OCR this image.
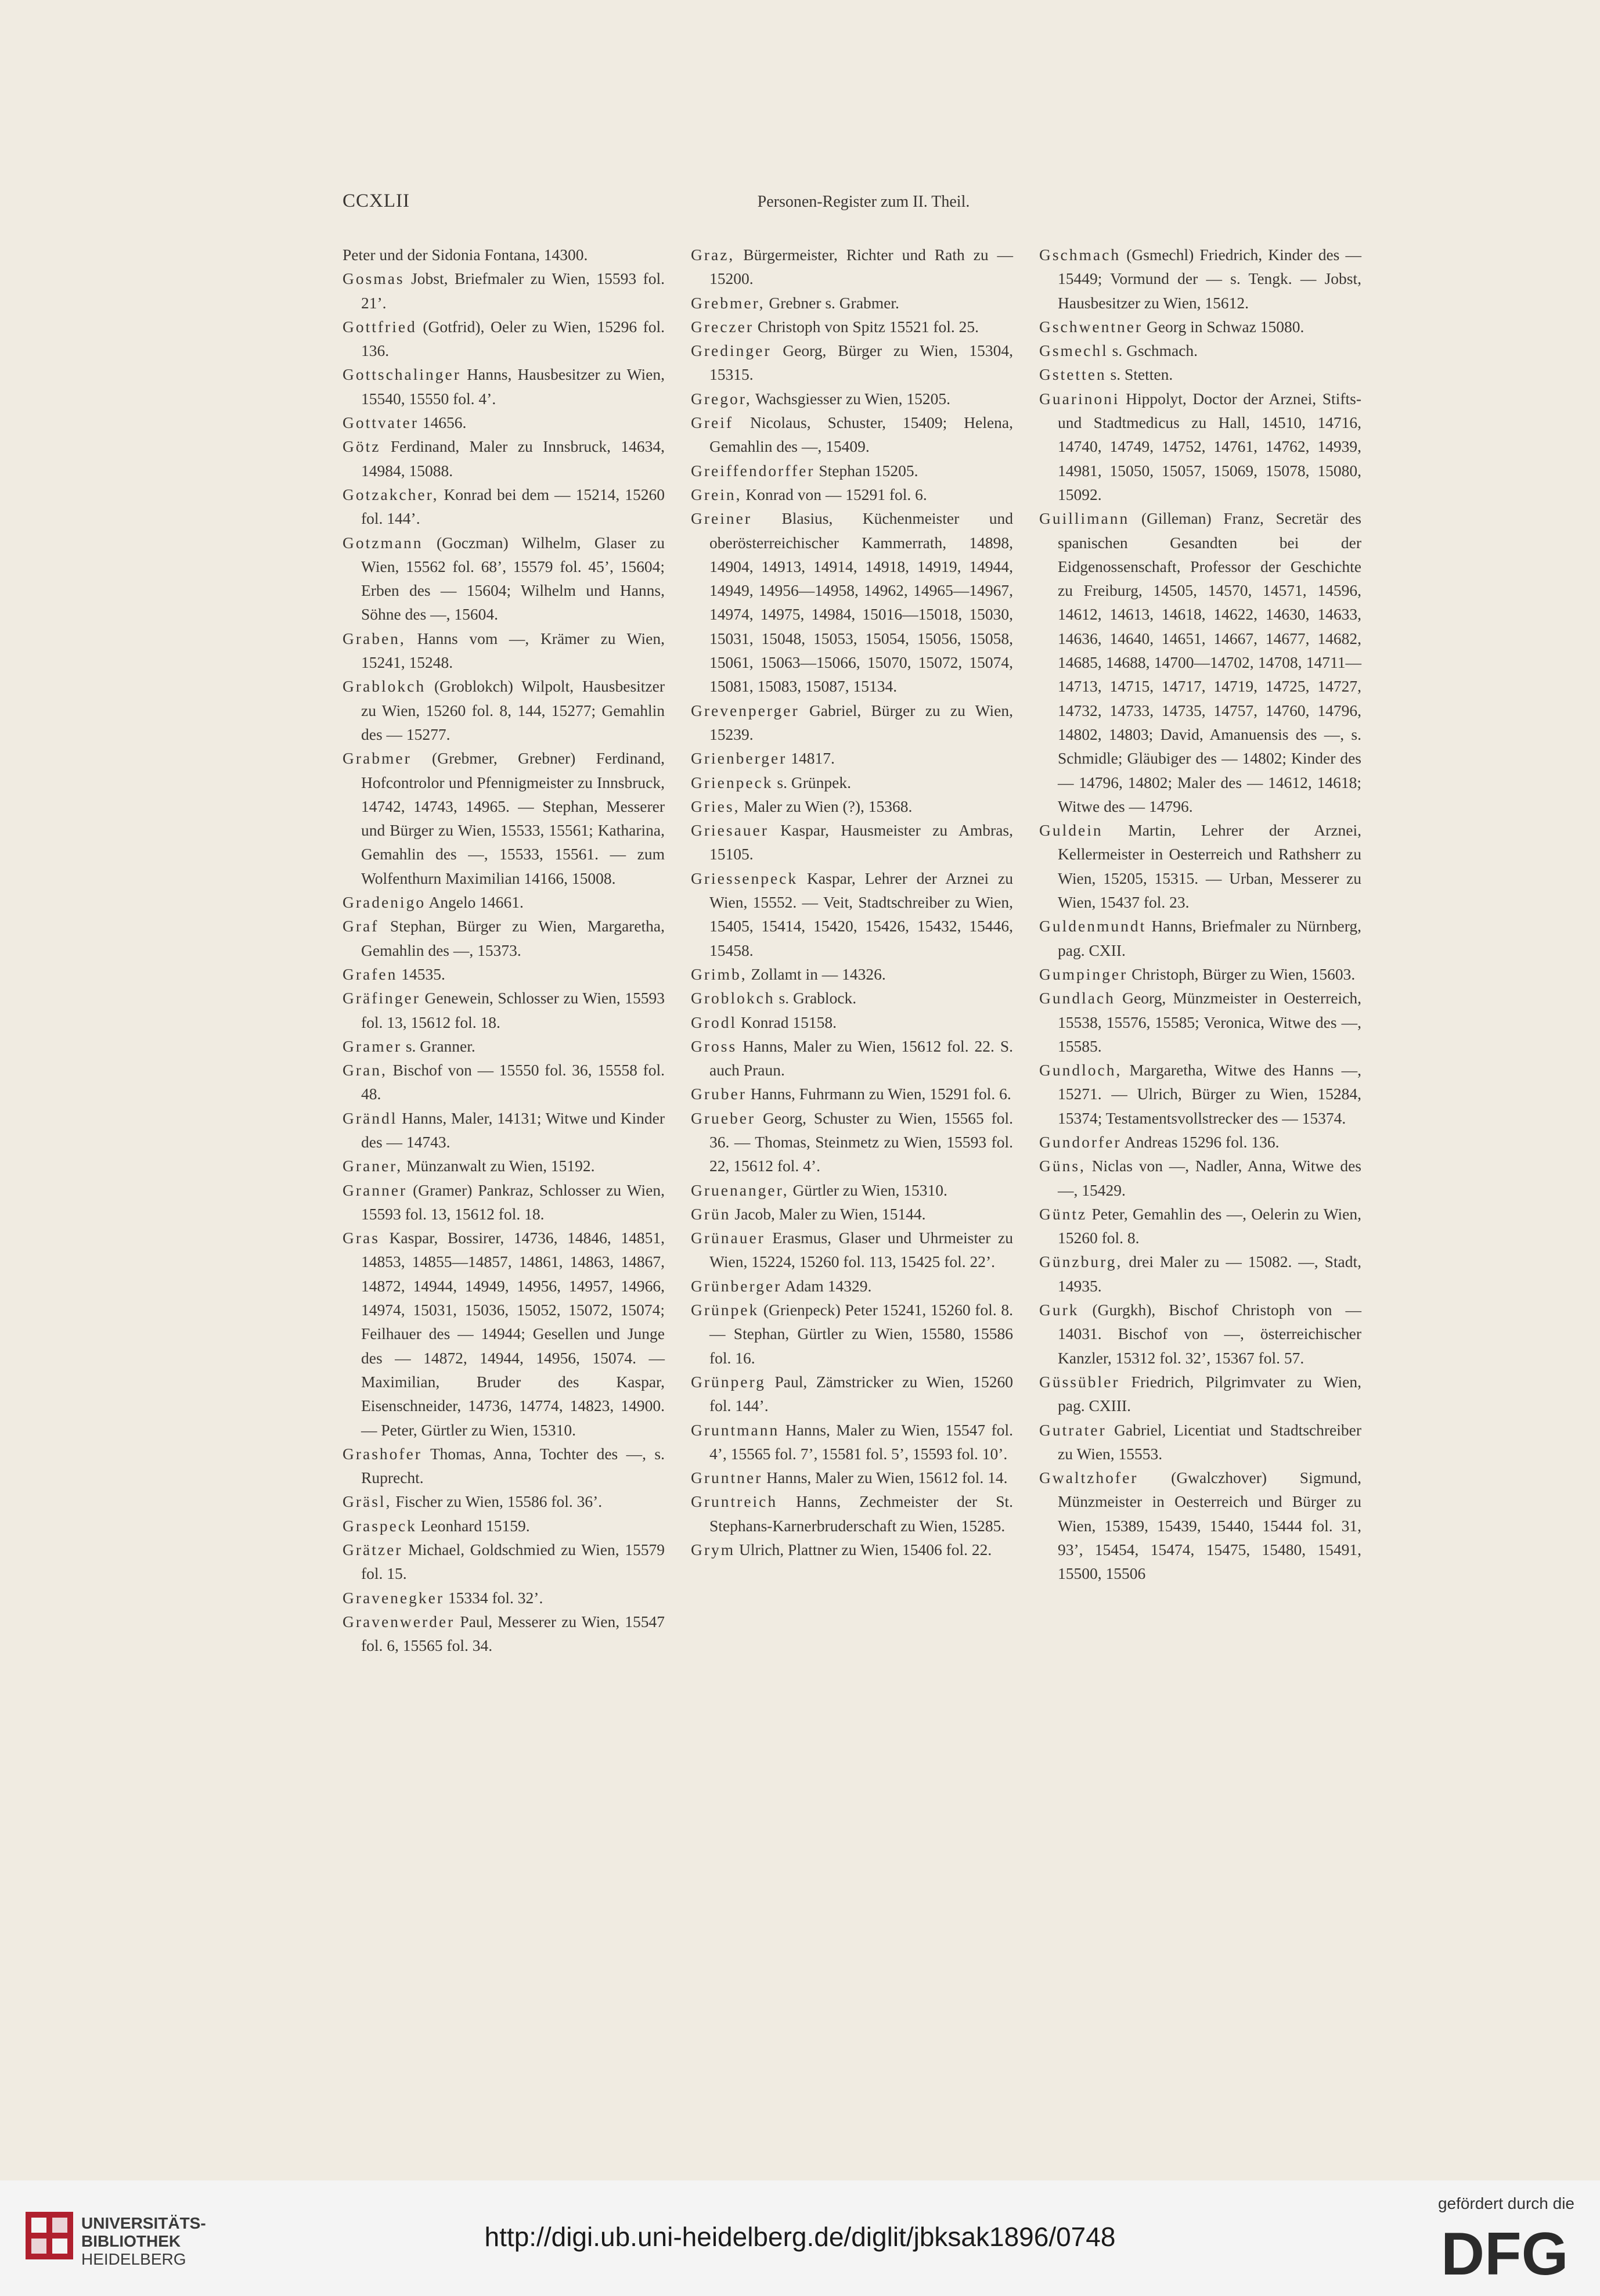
CCXLII	Personen-Register zum II. Theil.

Peter und der Sidonia Fontana, 14300.

Gosmas Jobst, Briefmaler zu Wien, 15593 fol. 21’.

Gottfried (Gotfrid), Oeler zu Wien, 15296 fol. 136.

Gottschalinger Hanns, Hausbesitzer zu Wien, 15540, 15550 fol. 4’.

Gottvater 14656.

Götz Ferdinand, Maler zu Innsbruck, 14634, 14984, 15088.

Gotzakcher, Konrad bei dem — 15214, 15260 fol. 144’.

Gotzmann (Goczman) Wilhelm, Glaser zu Wien, 15562 fol. 68’, 15579 fol. 45’, 15604; Erben des — 15604; Wilhelm und Hanns, Söhne des —, 15604.

Graben, Hanns vom —, Krämer zu Wien, 15241, 15248.

Grablokch (Groblokch) Wilpolt, Hausbesitzer zu Wien, 15260 fol. 8, 144, 15277; Gemahlin des — 15277.

Grabmer (Grebmer, Grebner) Ferdinand, Hofcontrolor und Pfennigmeister zu Innsbruck, 14742, 14743, 14965. — Stephan, Messerer und Bürger zu Wien, 15533, 15561; Katharina, Gemahlin des —, 15533, 15561. — zum Wolfenthurn Maximilian 14166, 15008.

Gradenigo Angelo 14661.

Graf Stephan, Bürger zu Wien, Margaretha, Gemahlin des —, 15373.

Grafen 14535.

Gräfinger Genewein, Schlosser zu Wien, 15593 fol. 13, 15612 fol. 18.

Gramer s. Granner.

Gran, Bischof von — 15550 fol. 36, 15558 fol. 48.

Grändl Hanns, Maler, 14131; Witwe und Kinder des — 14743.

Graner, Münzanwalt zu Wien, 15192.

Granner (Gramer) Pankraz, Schlosser zu Wien, 15593 fol. 13, 15612 fol. 18.

Gras Kaspar, Bossirer, 14736, 14846, 14851, 14853, 14855—14857, 14861, 14863, 14867, 14872, 14944, 14949, 14956, 14957, 14966, 14974, 15031, 15036, 15052, 15072, 15074; Feilhauer des — 14944; Gesellen und Junge des — 14872, 14944, 14956, 15074. — Maximilian, Bruder des Kaspar, Eisenschneider, 14736, 14774, 14823, 14900. — Peter, Gürtler zu Wien, 15310.

Grashofer Thomas, Anna, Tochter des —, s. Ruprecht.

Gräsl, Fischer zu Wien, 15586 fol. 36’.

Graspeck Leonhard 15159.

Grätzer Michael, Goldschmied zu Wien, 15579 fol. 15.

Gravenegker 15334 fol. 32’.

Gravenwerder Paul, Messerer zu Wien, 15547 fol. 6, 15565 fol. 34.

Graz, Bürgermeister, Richter und Rath zu — 15200.

Grebmer, Grebner s. Grabmer.

Greczer Christoph von Spitz 15521 fol. 25.

Gredinger Georg, Bürger zu Wien, 15304, 15315.

Gregor, Wachsgiesser zu Wien, 15205.

Greif Nicolaus, Schuster, 15409; Helena, Gemahlin des —, 15409.

Greiffendorffer Stephan 15205.

Grein, Konrad von — 15291 fol. 6.

Greiner Blasius, Küchenmeister und oberösterreichischer Kammerrath, 14898, 14904, 14913, 14914, 14918, 14919, 14944, 14949, 14956—14958, 14962, 14965—14967, 14974, 14975, 14984, 15016—15018, 15030, 15031, 15048, 15053, 15054, 15056, 15058, 15061, 15063—15066, 15070, 15072, 15074, 15081, 15083, 15087, 15134.

Grevenperger Gabriel, Bürger zu zu Wien, 15239.

Grienberger 14817.

Grienpeck s. Grünpek.

Gries, Maler zu Wien (?), 15368.

Griesauer Kaspar, Hausmeister zu Ambras, 15105.

Griessenpeck Kaspar, Lehrer der Arznei zu Wien, 15552. — Veit, Stadtschreiber zu Wien, 15405, 15414, 15420, 15426, 15432, 15446, 15458.

Grimb, Zollamt in — 14326.

Groblokch s. Grablock.

Grodl Konrad 15158.

Gross Hanns, Maler zu Wien, 15612 fol. 22. S. auch Praun.

Gruber Hanns, Fuhrmann zu Wien, 15291 fol. 6.

Grueber Georg, Schuster zu Wien, 15565 fol. 36. — Thomas, Steinmetz zu Wien, 15593 fol. 22, 15612 fol. 4’.

Gruenanger, Gürtler zu Wien, 15310.

Grün Jacob, Maler zu Wien, 15144.

Grünauer Erasmus, Glaser und Uhrmeister zu Wien, 15224, 15260 fol. 113, 15425 fol. 22’.

Grünberger Adam 14329.

Grünpek (Grienpeck) Peter 15241, 15260 fol. 8. — Stephan, Gürtler zu Wien, 15580, 15586 fol. 16.

Grünperg Paul, Zämstricker zu Wien, 15260 fol. 144’.

Gruntmann Hanns, Maler zu Wien, 15547 fol. 4’, 15565 fol. 7’, 15581 fol. 5’, 15593 fol. 10’.

Gruntner Hanns, Maler zu Wien, 15612 fol. 14.

Gruntreich Hanns, Zechmeister der St. Stephans-Karnerbruderschaft zu Wien, 15285.

Grym Ulrich, Plattner zu Wien, 15406 fol. 22.

Gschmach (Gsmechl) Friedrich, Kinder des — 15449; Vormund der — s. Tengk. — Jobst, Hausbesitzer zu Wien, 15612.

Gschwentner Georg in Schwaz 15080.

Gsmechl s. Gschmach.

Gstetten s. Stetten.

Guarinoni Hippolyt, Doctor der Arznei, Stifts- und Stadtmedicus zu Hall, 14510, 14716, 14740, 14749, 14752, 14761, 14762, 14939, 14981, 15050, 15057, 15069, 15078, 15080, 15092.

Guillimann (Gilleman) Franz, Secretär des spanischen Gesandten bei der Eidgenossenschaft, Professor der Geschichte zu Freiburg, 14505, 14570, 14571, 14596, 14612, 14613, 14618, 14622, 14630, 14633, 14636, 14640, 14651, 14667, 14677, 14682, 14685, 14688, 14700—14702, 14708, 14711—14713, 14715, 14717, 14719, 14725, 14727, 14732, 14733, 14735, 14757, 14760, 14796, 14802, 14803; David, Amanuensis des —, s. Schmidle; Gläubiger des — 14802; Kinder des — 14796, 14802; Maler des — 14612, 14618; Witwe des — 14796.

Guldein Martin, Lehrer der Arznei, Kellermeister in Oesterreich und Rathsherr zu Wien, 15205, 15315. — Urban, Messerer zu Wien, 15437 fol. 23.

Guldenmundt Hanns, Briefmaler zu Nürnberg, pag. CXII.

Gumpinger Christoph, Bürger zu Wien, 15603.

Gundlach Georg, Münzmeister in Oesterreich, 15538, 15576, 15585; Veronica, Witwe des —, 15585.

Gundloch, Margaretha, Witwe des Hanns —, 15271. — Ulrich, Bürger zu Wien, 15284, 15374; Testamentsvollstrecker des — 15374.

Gundorfer Andreas 15296 fol. 136.

Güns, Niclas von —, Nadler, Anna, Witwe des —, 15429.

Güntz Peter, Gemahlin des —, Oelerin zu Wien, 15260 fol. 8.

Günzburg, drei Maler zu — 15082. —, Stadt, 14935.

Gurk (Gurgkh), Bischof Christoph von — 14031. Bischof von —, österreichischer Kanzler, 15312 fol. 32’, 15367 fol. 57.

Güssübler Friedrich, Pilgrimvater zu Wien, pag. CXIII.

Gutrater Gabriel, Licentiat und Stadtschreiber zu Wien, 15553.

Gwaltzhofer (Gwalczhover) Sigmund, Münzmeister in Oesterreich und Bürger zu Wien, 15389, 15439, 15440, 15444 fol. 31, 93’, 15454, 15474, 15475, 15480, 15491, 15500, 15506

UNIVERSITÄTS-
BIBLIOTHEK
HEIDELBERG
http://digi.ub.uni-heidelberg.de/diglit/jbksak1896/0748
gefördert durch die
DFG
